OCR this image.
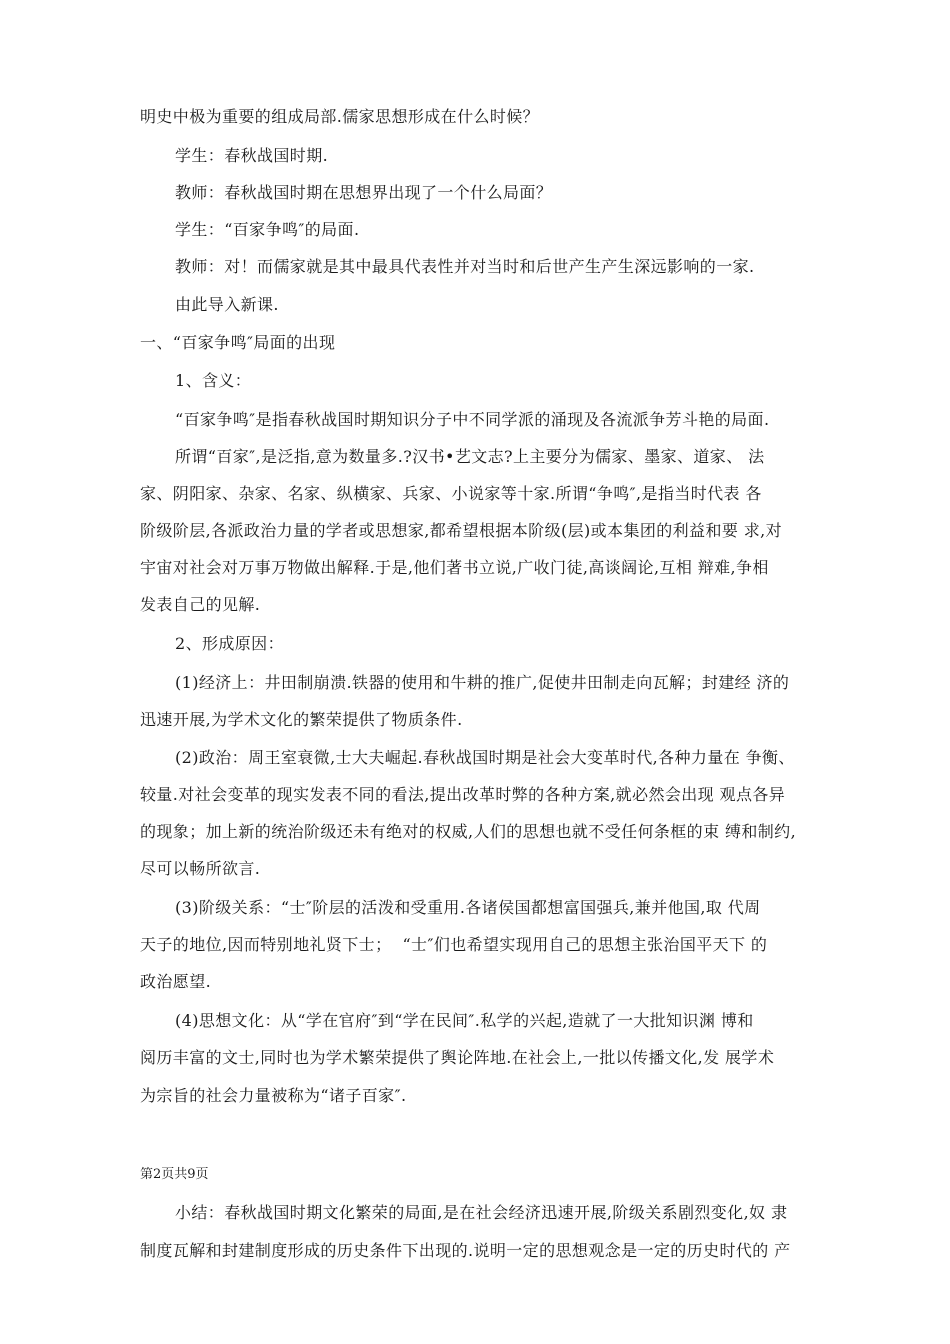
明史中极为重要的组成局部.儒家思想形成在什么时候？
学生：春秋战国时期.
教师：春秋战国时期在思想界出现了一个什么局面？
学生：“百家争鸣″的局面.
教师：对！而儒家就是其中最具代表性并对当时和后世产生产生深远影响的一家.
由此导入新课.
一、“百家争鸣″局面的出现
1、含义：
“百家争鸣″是指春秋战国时期知识分子中不同学派的涌现及各流派争芳斗艳的局面.
所谓“百家″,是泛指,意为数量多.?汉书•艺文志?上主要分为儒家、墨家、道家、 法
家、阴阳家、杂家、名家、纵横家、兵家、小说家等十家.所谓“争鸣″,是指当时代表 各
阶级阶层,各派政治力量的学者或思想家,都希望根据本阶级(层)或本集团的利益和要 求,对
宇宙对社会对万事万物做出解释.于是,他们著书立说,广收门徒,高谈阔论,互相 辩难,争相
发表自己的见解.
2、形成原因：
(1)经济上：井田制崩溃.铁器的使用和牛耕的推广,促使井田制走向瓦解；封建经 济的
迅速开展,为学术文化的繁荣提供了物质条件.
(2)政治：周王室衰微,士大夫崛起.春秋战国时期是社会大变革时代,各种力量在 争衡、
较量.对社会变革的现实发表不同的看法,提出改革时弊的各种方案,就必然会出现 观点各异
的现象；加上新的统治阶级还未有绝对的权威,人们的思想也就不受任何条框的束 缚和制约,
尽可以畅所欲言.
(3)阶级关系：“士″阶层的活泼和受重用.各诸侯国都想富国强兵,兼并他国,取 代周
天子的地位,因而特别地礼贤下士；  “士″们也希望实现用自己的思想主张治国平天下 的
政治愿望.
(4)思想文化：从“学在官府″到“学在民间″.私学的兴起,造就了一大批知识渊 博和
阅历丰富的文士,同时也为学术繁荣提供了舆论阵地.在社会上,一批以传播文化,发 展学术
为宗旨的社会力量被称为“诸子百家″.
第2页共9页
小结：春秋战国时期文化繁荣的局面,是在社会经济迅速开展,阶级关系剧烈变化,奴 隶
制度瓦解和封建制度形成的历史条件下出现的.说明一定的思想观念是一定的历史时代的 产
